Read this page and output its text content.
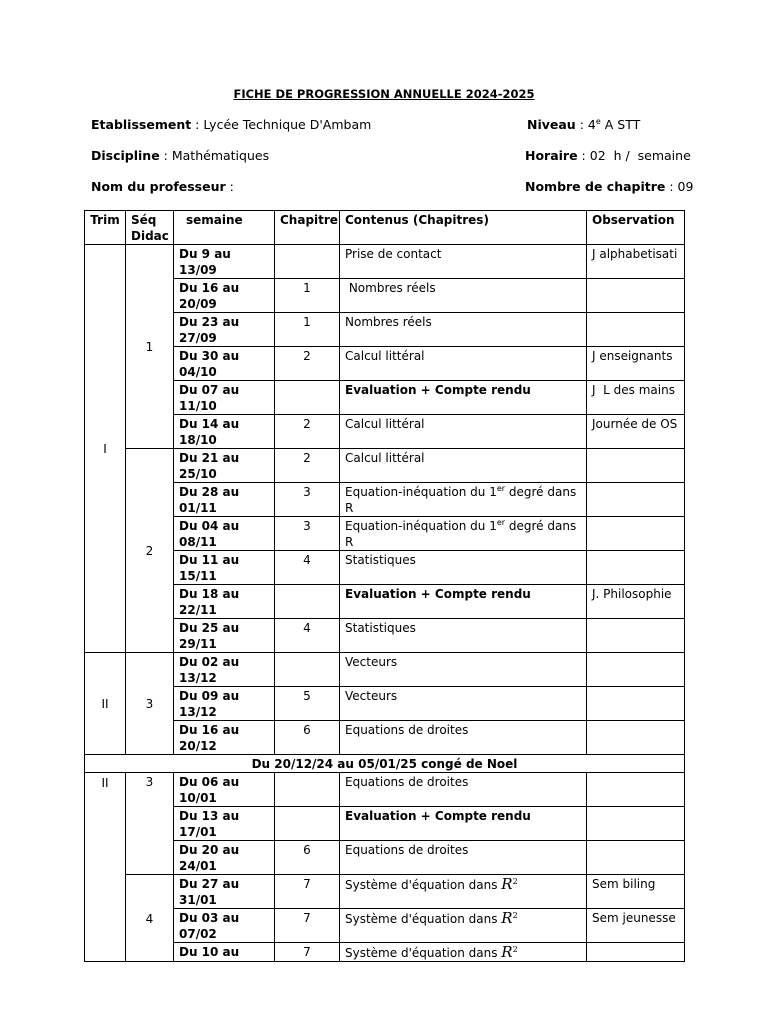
FICHE DE PROGRESSION ANNUELLE 2024-2025
Etablissement : Lycée Technique D'Ambam	Niveau : 4e A STT
Discipline : Mathématiques	Horaire : 02  h /  semaine
Nom du professeur :	Nombre de chapitre : 09
Trim	Séq Didac	semaine	Chapitre	Contenus (Chapitres)	Observation
I	1	Du 9 au 13/09		Prise de contact	J alphabetisati
		Du 16 au 20/09	1	Nombres réels	
		Du 23 au 27/09	1	Nombres réels	
		Du 30 au 04/10	2	Calcul littéral	J enseignants
		Du 07 au 11/10		Evaluation + Compte rendu	J  L des mains
		Du 14 au 18/10	2	Calcul littéral	Journée de OS
	2	Du 21 au 25/10	2	Calcul littéral	
		Du 28 au 01/11	3	Equation-inéquation du 1er degré dans R	
		Du 04 au 08/11	3	Equation-inéquation du 1er degré dans R	
		Du 11 au 15/11	4	Statistiques	
		Du 18 au 22/11		Evaluation + Compte rendu	J. Philosophie
		Du 25 au 29/11	4	Statistiques	
II	3	Du 02 au 13/12		Vecteurs	
		Du 09 au 13/12	5	Vecteurs	
		Du 16 au 20/12	6	Equations de droites	
Du 20/12/24 au 05/01/25 congé de Noel					
II	3	Du 06 au 10/01		Equations de droites	
		Du 13 au 17/01		Evaluation + Compte rendu	
		Du 20 au 24/01	6	Equations de droites	
	4	Du 27 au 31/01	7	Système d'équation dans $R^2$	Sem biling
		Du 03 au 07/02	7	Système d'équation dans $R^2$	Sem jeunesse
		Du 10 au	7	Système d'équation dans $R^2$	
